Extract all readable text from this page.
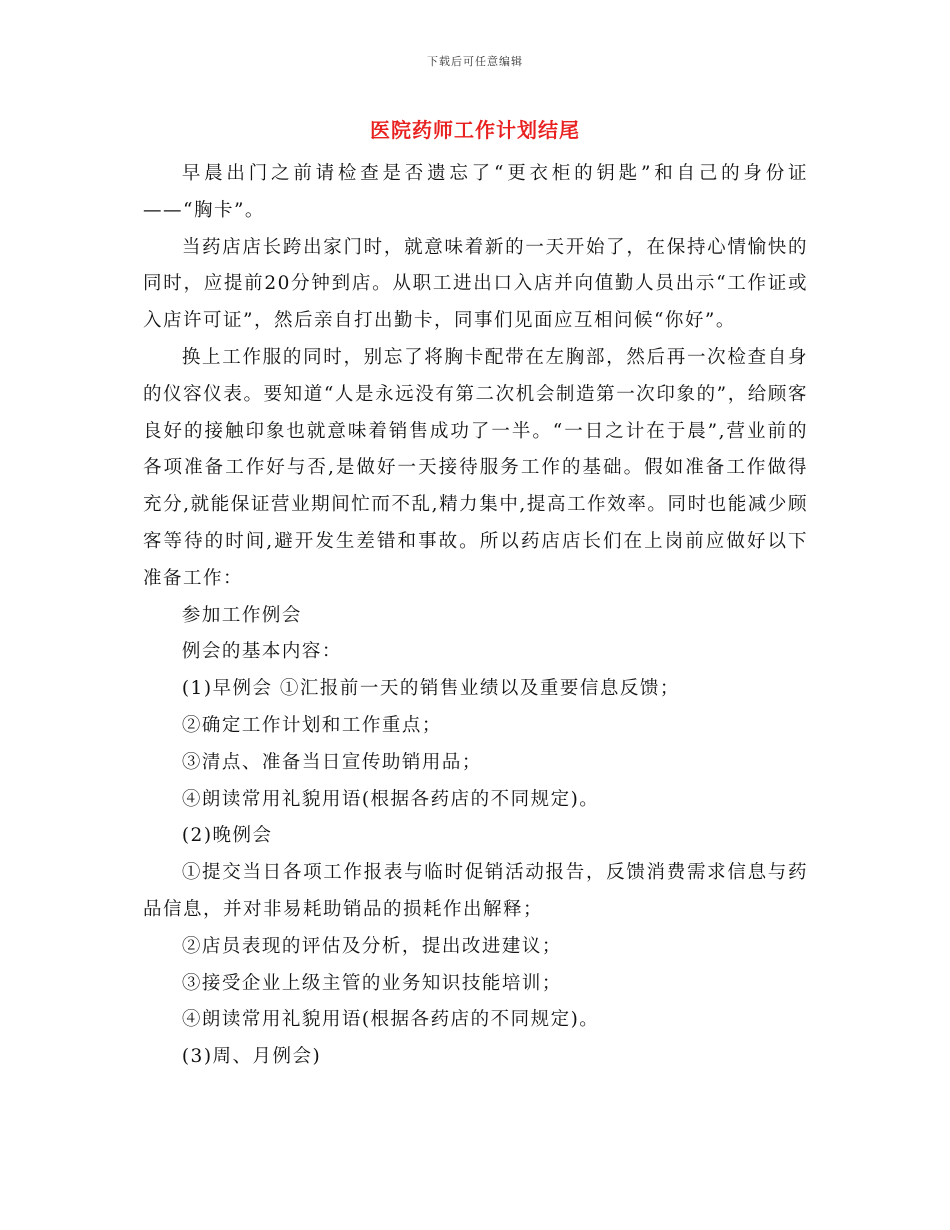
下载后可任意编辑
医院药师工作计划结尾

早晨出门之前请检查是否遗忘了“更衣柜的钥匙”和自己的身份证——“胸卡”。

当药店店长跨出家门时，就意味着新的一天开始了，在保持心情愉快的同时，应提前20分钟到店。从职工进出口入店并向值勤人员出示“工作证或入店许可证”，然后亲自打出勤卡，同事们见面应互相问候“你好”。

换上工作服的同时，别忘了将胸卡配带在左胸部，然后再一次检查自身的仪容仪表。要知道“人是永远没有第二次机会制造第一次印象的”，给顾客良好的接触印象也就意味着销售成功了一半。“一日之计在于晨”,营业前的各项准备工作好与否,是做好一天接待服务工作的基础。假如准备工作做得充分,就能保证营业期间忙而不乱,精力集中,提高工作效率。同时也能减少顾客等待的时间,避开发生差错和事故。所以药店店长们在上岗前应做好以下准备工作：

参加工作例会

例会的基本内容：

(1)早例会 ①汇报前一天的销售业绩以及重要信息反馈；

②确定工作计划和工作重点；

③清点、准备当日宣传助销用品；

④朗读常用礼貌用语(根据各药店的不同规定)。

(2)晚例会

①提交当日各项工作报表与临时促销活动报告，反馈消费需求信息与药品信息，并对非易耗助销品的损耗作出解释；

②店员表现的评估及分析，提出改进建议；

③接受企业上级主管的业务知识技能培训；

④朗读常用礼貌用语(根据各药店的不同规定)。

(3)周、月例会)
